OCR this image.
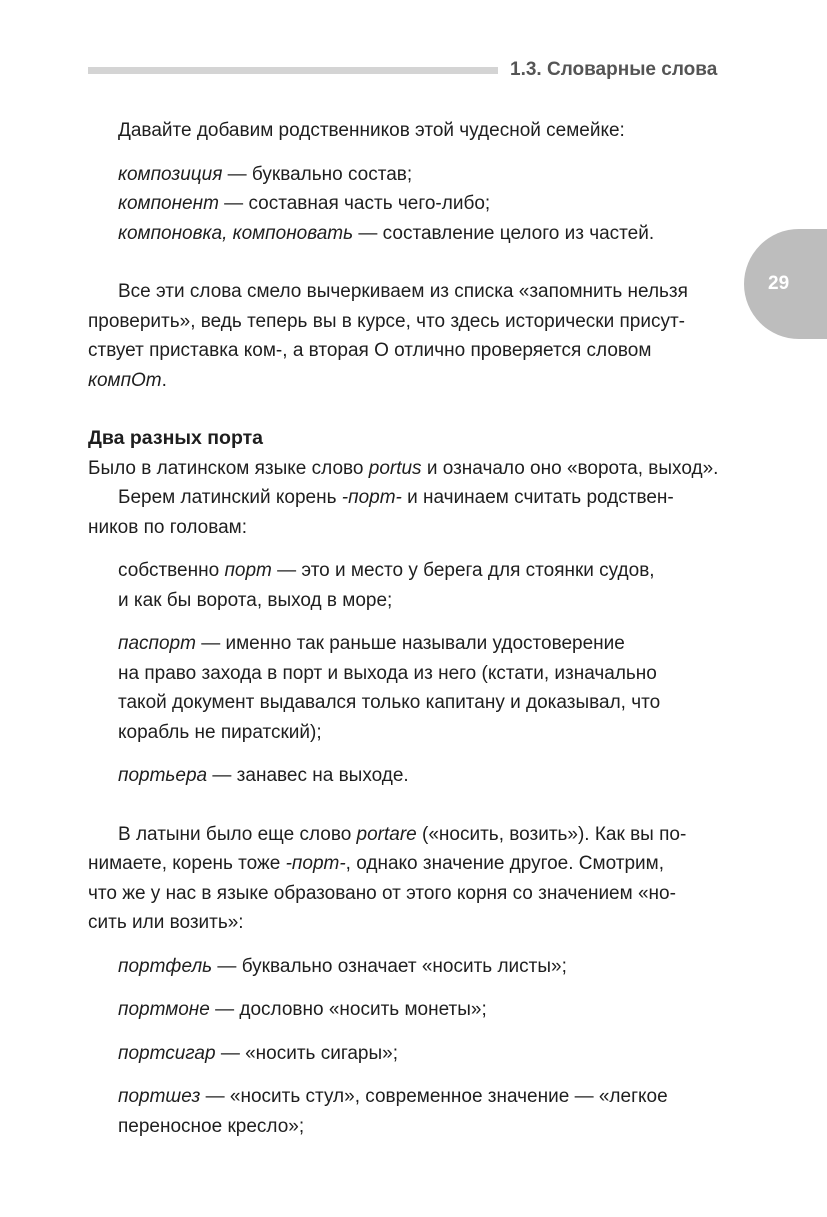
1.3. Словарные слова
29

Давайте добавим родственников этой чудесной семейке:

композиция — буквально состав;

компонент — составная часть чего-либо;

компоновка, компоновать — составление целого из частей.

Все эти слова смело вычеркиваем из списка «запомнить нельзя

проверить», ведь теперь вы в курсе, что здесь исторически присут-

ствует приставка ком-, а вторая О отлично проверяется словом

компОт.

Два разных порта

Было в латинском языке слово portus и означало оно «ворота, выход».

Берем латинский корень -порт- и начинаем считать родствен-

ников по головам:

собственно порт — это и место у берега для стоянки судов,

и как бы ворота, выход в море;

паспорт — именно так раньше называли удостоверение

на право захода в порт и выхода из него (кстати, изначально

такой документ выдавался только капитану и доказывал, что

корабль не пиратский);

портьера — занавес на выходе.

В латыни было еще слово portare («носить, возить»). Как вы по-

нимаете, корень тоже -порт-, однако значение другое. Смотрим,

что же у нас в языке образовано от этого корня со значением «но-

сить или возить»:

портфель — буквально означает «носить листы»;

портмоне — дословно «носить монеты»;

портсигар — «носить сигары»;

портшез — «носить стул», современное значение — «легкое

переносное кресло»;
